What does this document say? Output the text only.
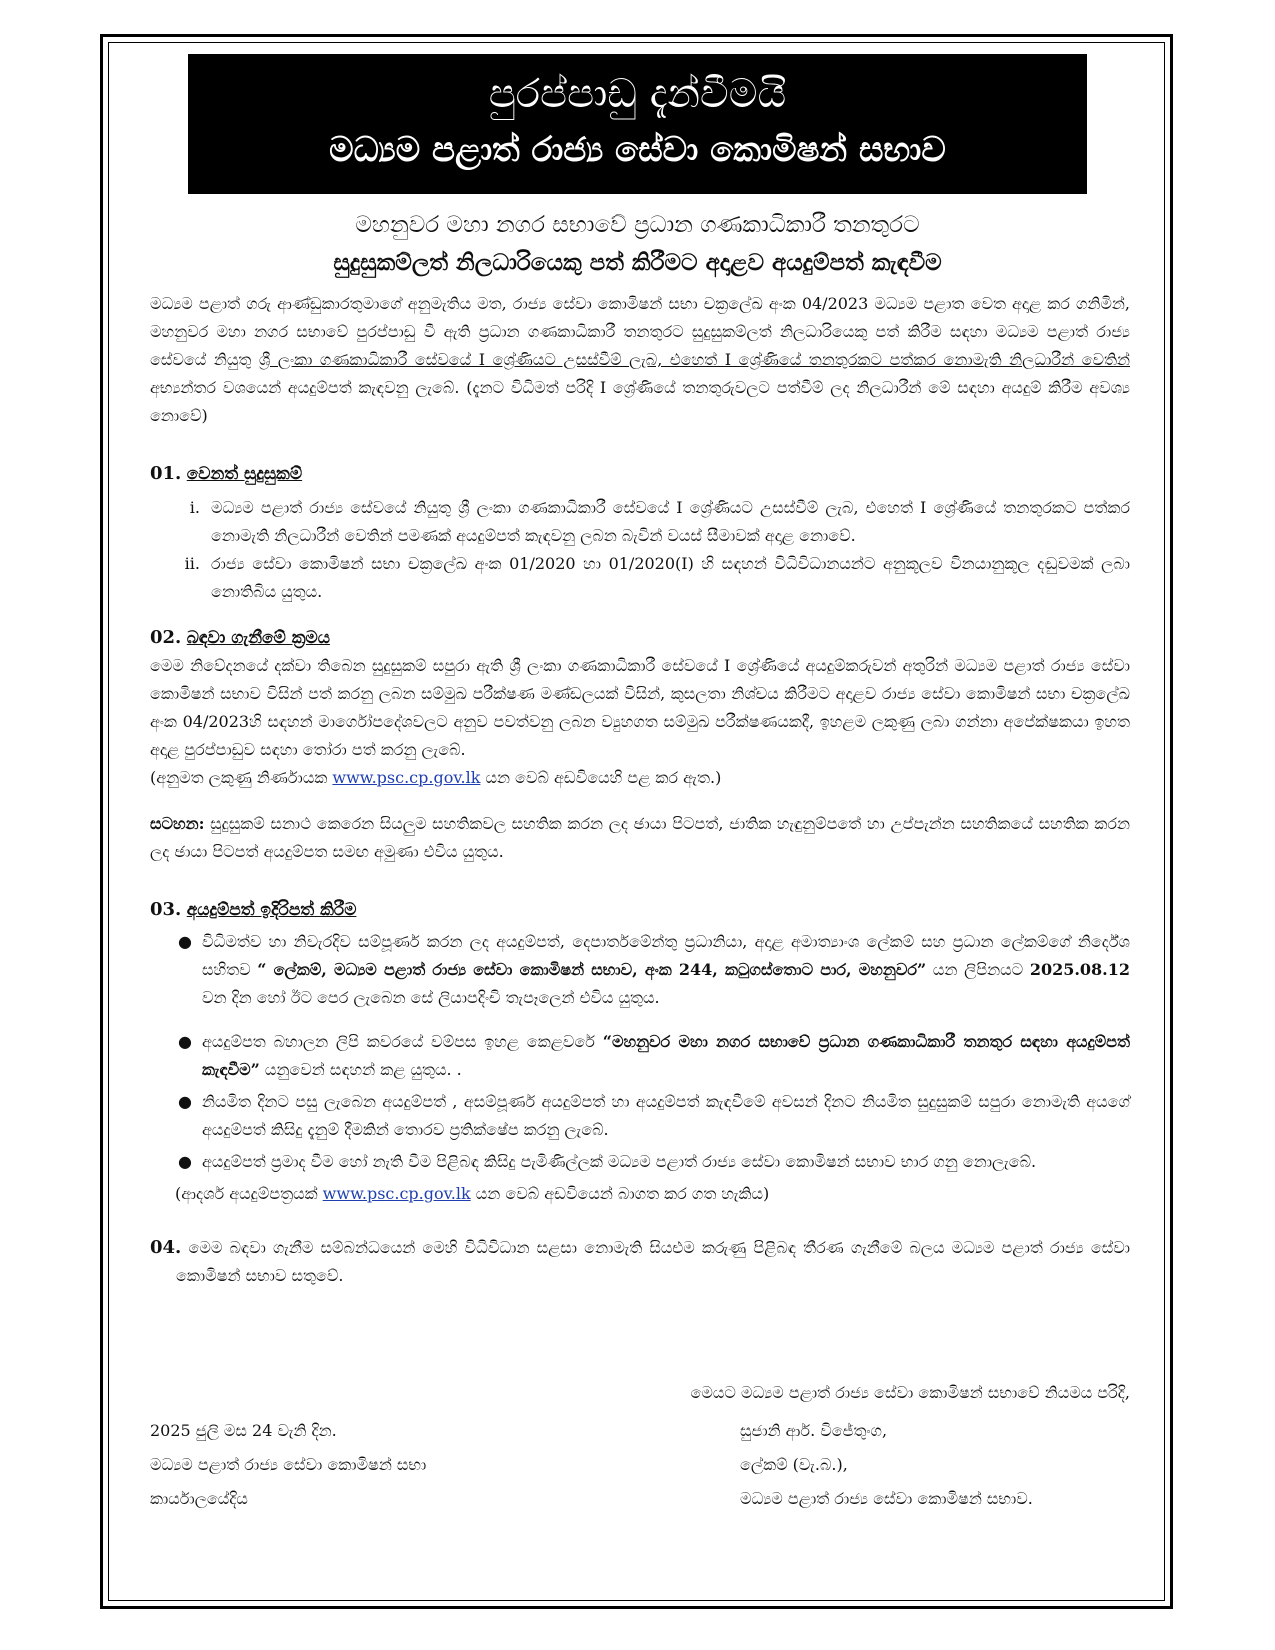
පුරප්පාඩු දැන්වීමයි
මධ්‍යම පළාත් රාජ්‍ය සේවා කොමිෂන් සභාව
මහනුවර මහා නගර සභාවේ ප්‍රධාන ගණකාධිකාරී තනතුරට
සුදුසුකම්ලත් නිලධාරියෙකු පත් කිරීමට අදාළව අයදුම්පත් කැඳවීම

මධ්‍යම පළාත් ගරු ආණ්ඩුකාරතුමාගේ අනුමැතිය මත, රාජ්‍ය සේවා කොමිෂන් සභා චක්‍රලේඛ අංක 04/2023 මධ්‍යම පළාත වෙත අදාළ කර ගනිමින්, මහනුවර මහා නගර සභාවේ පුරප්පාඩු වී ඇති ප්‍රධාන ගණකාධිකාරී තනතුරට සුදුසුකම්ලත් නිලධාරියෙකු පත් කිරීම සඳහා මධ්‍යම පළාත් රාජ්‍ය සේවයේ නියුතු ශ්‍රී ලංකා ගණකාධිකාරී සේවයේ I ශ්‍රේණියට උසස්වීම් ලැබ, එහෙත් I ශ්‍රේණියේ තනතුරකට පත්කර නොමැති නිලධාරීන් වෙතින් අභ්‍යන්තර වශයෙන් අයදුම්පත් කැඳවනු ලැබේ. (දැනට විධිමත් පරිදි I ශ්‍රේණියේ තනතුරුවලට පත්වීම් ලද නිලධාරීන් මේ සඳහා අයදුම් කිරීම අවශ්‍ය නොවේ)

01. වෙනත් සුදුසුකම්
i. මධ්‍යම පළාත් රාජ්‍ය සේවයේ නියුතු ශ්‍රී ලංකා ගණකාධිකාරී සේවයේ I ශ්‍රේණියට උසස්වීම් ලැබ, එහෙත් I ශ්‍රේණියේ තනතුරකට පත්කර නොමැති නිලධාරීන් වෙතින් පමණක් අයදුම්පත් කැඳවනු ලබන බැවින් වයස් සීමාවක් අදාළ නොවේ.
ii. රාජ්‍ය සේවා කොමිෂන් සභා චක්‍රලේඛ අංක 01/2020 හා 01/2020(I) හි සඳහන් විධිවිධානයන්ට අනුකූලව විනයානුකූල දඬුවමක් ලබා නොතිබිය යුතුය.
02. බඳවා ගැනීමේ ක්‍රමය

මෙම නිවේදනයේ දක්වා තිබෙන සුදුසුකම් සපුරා ඇති ශ්‍රී ලංකා ගණකාධිකාරී සේවයේ I ශ්‍රේණියේ අයදුම්කරුවන් අතුරින් මධ්‍යම පළාත් රාජ්‍ය සේවා කොමිෂන් සභාව විසින් පත් කරනු ලබන සම්මුඛ පරීක්ෂණ මණ්ඩලයක් විසින්, කුසලතා නිශ්චය කිරීමට අදාළව රාජ්‍ය සේවා කොමිෂන් සභා චක්‍රලේඛ අංක 04/2023හි සඳහන් මාර්ගෝපදේශවලට අනුව පවත්වනු ලබන ව්‍යුහගත සම්මුඛ පරීක්ෂණයකදී, ඉහළම ලකුණු ලබා ගන්නා අපේක්ෂකයා ඉහත අදාළ පුරප්පාඩුව සඳහා තෝරා පත් කරනු ලැබේ.

(අනුමත ලකුණු නිර්ණායක www.psc.cp.gov.lk යන වෙබ් අඩවියෙහි පළ කර ඇත.)

සටහන: සුදුසුකම් සනාථ කෙරෙන සියලුම සහතිකවල සහතික කරන ලද ඡායා පිටපත්, ජාතික හැඳුනුම්පතේ හා උප්පැන්න සහතිකයේ සහතික කරන ලද ඡායා පිටපත් අයදුම්පත සමඟ අමුණා එවිය යුතුය.

03. අයදුම්පත් ඉදිරිපත් කිරීම
● විධිමත්ව හා නිවැරදිව සම්පූර්ණ කරන ලද අයදුම්පත්, දෙපාර්තමේන්තු ප්‍රධානියා, අදාළ අමාත්‍යාංශ ලේකම් සහ ප්‍රධාන ලේකම්ගේ නිර්දේශ සහිතව “ ලේකම්, මධ්‍යම පළාත් රාජ්‍ය සේවා කොමිෂන් සභාව, අංක 244, කටුගස්තොට පාර, මහනුවර” යන ලිපිනයට 2025.08.12 වන දින හෝ ඊට පෙර ලැබෙන සේ ලියාපදිංචි තැපෑලෙන් එවිය යුතුය.
● අයදුම්පත බහාලන ලිපි කවරයේ වම්පස ඉහළ කෙළවරේ “මහනුවර මහා නගර සභාවේ ප්‍රධාන ගණකාධිකාරී තනතුර සඳහා අයදුම්පත් කැඳවීම” යනුවෙන් සඳහන් කළ යුතුය. .
● නියමිත දිනට පසු ලැබෙන අයදුම්පත් , අසම්පූර්ණ අයදුම්පත් හා අයදුම්පත් කැඳවීමේ අවසන් දිනට නියමිත සුදුසුකම් සපුරා නොමැති අයගේ අයදුම්පත් කිසිදු දැනුම් දීමකින් තොරව ප්‍රතික්ෂේප කරනු ලැබේ.
● අයදුම්පත් ප්‍රමාද වීම හෝ නැති වීම පිළිබඳ කිසිදු පැමිණිල්ලක් මධ්‍යම පළාත් රාජ්‍ය සේවා කොමිෂන් සභාව භාර ගනු නොලැබේ.

(ආදර්ශ අයදුම්පත්‍රයක් www.psc.cp.gov.lk යන වෙබ් අඩවියෙන් බාගත කර ගත හැකිය)

04. මෙම බඳවා ගැනීම සම්බන්ධයෙන් මෙහි විධිවිධාන සළසා නොමැති සියළුම කරුණු පිළිබඳ තීරණ ගැනීමේ බලය මධ්‍යම පළාත් රාජ්‍ය සේවා කොමිෂන් සභාව සතුවේ.

මෙයට මධ්‍යම පළාත් රාජ්‍ය සේවා කොමිෂන් සභාවේ නියමය පරිදි,
2025 ජුලි මස 24 වැනි දින.
මධ්‍යම පළාත් රාජ්‍ය සේවා කොමිෂන් සභා
කාර්යාලයේදිය
සුජානි ආර්. විජේතුංග,
ලේකම් (වැ.බ.),
මධ්‍යම පළාත් රාජ්‍ය සේවා කොමිෂන් සභාව.
